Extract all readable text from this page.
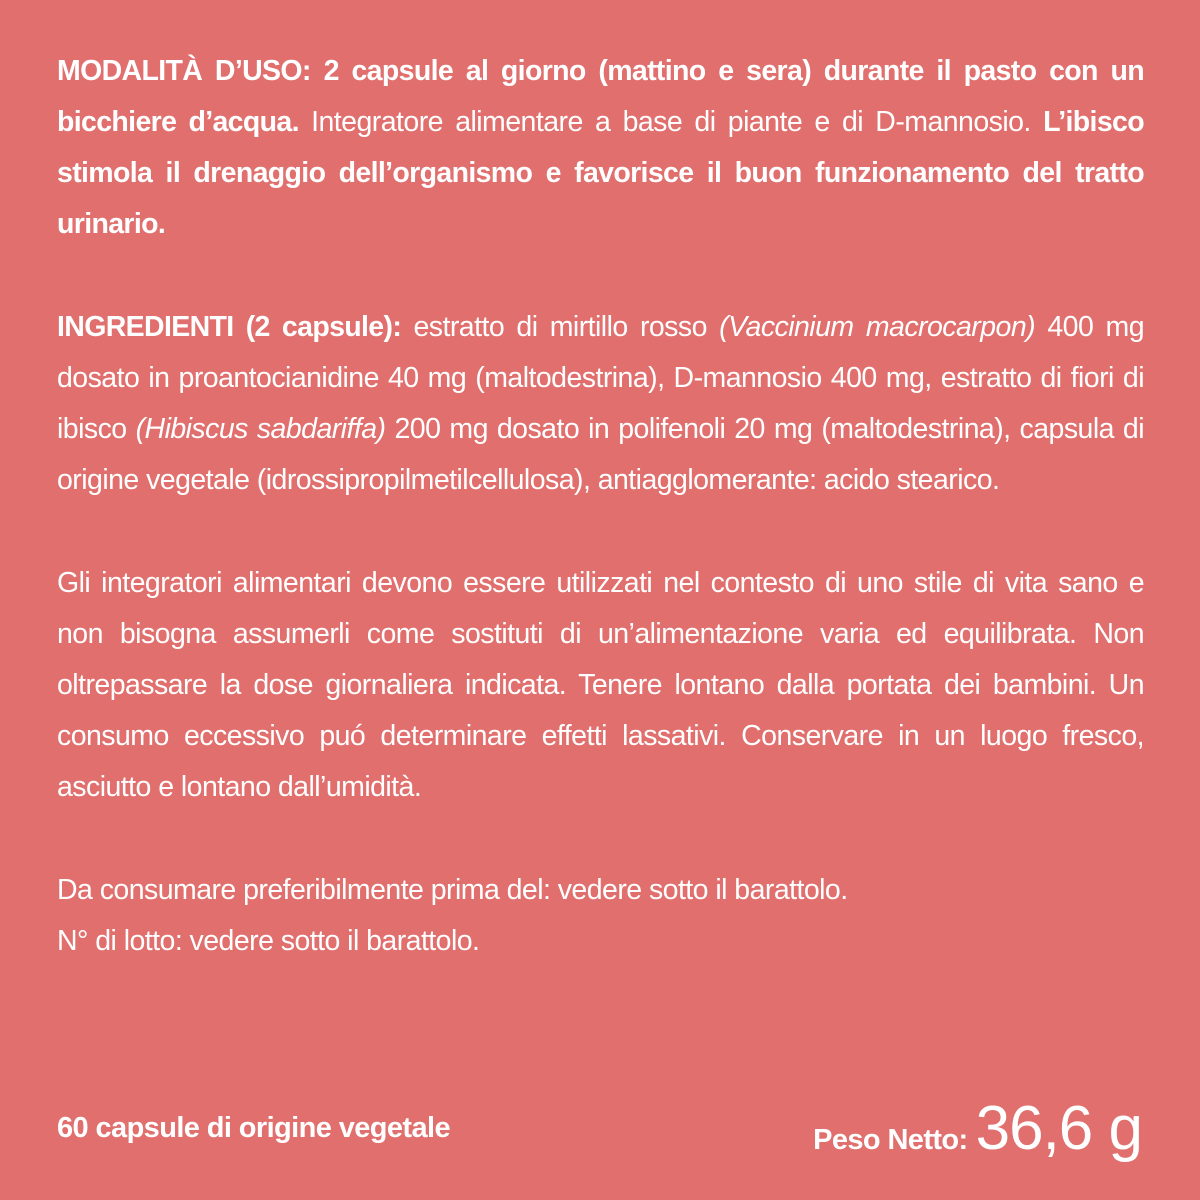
MODALITÀ D’USO: 2 capsule al giorno (mattino e sera) durante il pasto con un bicchiere d’acqua. Integratore alimentare a base di piante e di D-mannosio. L’ibisco stimola il drenaggio dell’organismo e favorisce il buon funzionamento del tratto urinario.

INGREDIENTI (2 capsule): estratto di mirtillo rosso (Vaccinium macrocarpon) 400 mg dosato in proantocianidine 40 mg (maltodestrina), D-mannosio 400 mg, estratto di fiori di ibisco (Hibiscus sabdariffa) 200 mg dosato in polifenoli 20 mg (maltodestrina), capsula di origine vegetale (idrossipropilmetilcellulosa), antiagglomerante: acido stearico.

Gli integratori alimentari devono essere utilizzati nel contesto di uno stile di vita sano e non bisogna assumerli come sostituti di un’alimentazione varia ed equilibrata. Non oltrepassare la dose giornaliera indicata. Tenere lontano dalla portata dei bambini. Un consumo eccessivo puó determinare effetti lassativi. Conservare in un luogo fresco, asciutto e lontano dall’umidità.

Da consumare preferibilmente prima del: vedere sotto il barattolo.
N° di lotto: vedere sotto il barattolo.

60 capsule di origine vegetale	Peso Netto: 36,6 g
